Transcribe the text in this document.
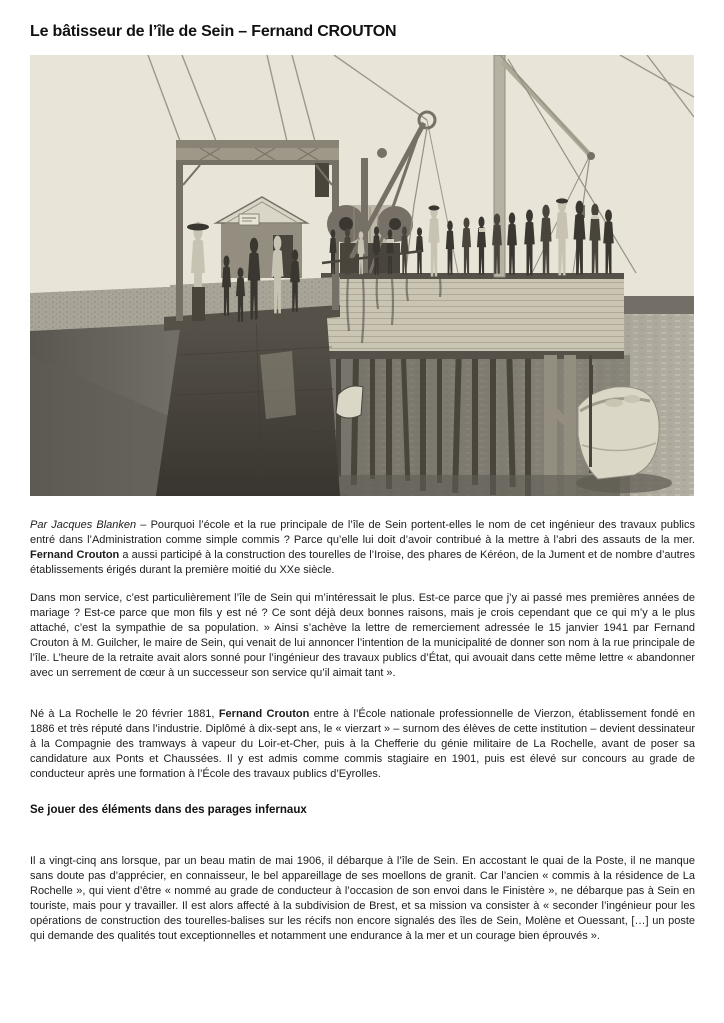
Le bâtisseur de l’île de Sein – Fernand CROUTON

Par Jacques Blanken – Pourquoi l’école et la rue principale de l’île de Sein portent-elles le nom de cet ingénieur des travaux publics entré dans l’Administration comme simple commis ? Parce qu’elle lui doit d’avoir contribué à la mettre à l’abri des assauts de la mer. Fernand Crouton a aussi participé à la construction des tourelles de l’Iroise, des phares de Kéréon, de la Jument et de nombre d’autres établissements érigés durant la première moitié du XXe siècle.

Dans mon service, c’est particulièrement l’île de Sein qui m’intéressait le plus. Est-ce parce que j’y ai passé mes premières années de mariage ? Est-ce parce que mon fils y est né ? Ce sont déjà deux bonnes raisons, mais je crois cependant que ce qui m’y a le plus attaché, c’est la sympathie de sa population. » Ainsi s’achève la lettre de remerciement adressée le 15 janvier 1941 par Fernand Crouton à M. Guilcher, le maire de Sein, qui venait de lui annoncer l’intention de la municipalité de donner son nom à la rue principale de l’île. L’heure de la retraite avait alors sonné pour l’ingénieur des travaux publics d’État, qui avouait dans cette même lettre « abandonner avec un serrement de cœur à un successeur son service qu’il aimait tant ».

Né à La Rochelle le 20 février 1881, Fernand Crouton entre à l’École nationale professionnelle de Vierzon, établissement fondé en 1886 et très réputé dans l’industrie. Diplômé à dix-sept ans, le « vierzart » – surnom des élèves de cette institution – devient dessinateur à la Compagnie des tramways à vapeur du Loir-et-Cher, puis à la Chefferie du génie militaire de La Rochelle, avant de poser sa candidature aux Ponts et Chaussées. Il y est admis comme commis stagiaire en 1901, puis est élevé sur concours au grade de conducteur après une formation à l’École des travaux publics d’Eyrolles.

Se jouer des éléments dans des parages infernaux

Il a vingt-cinq ans lorsque, par un beau matin de mai 1906, il débarque à l’île de Sein. En accostant le quai de la Poste, il ne manque sans doute pas d’apprécier, en connaisseur, le bel appareillage de ses moellons de granit. Car l’ancien « commis à la résidence de La Rochelle », qui vient d’être « nommé au grade de conducteur à l’occasion de son envoi dans le Finistère », ne débarque pas à Sein en touriste, mais pour y travailler. Il est alors affecté à la subdivision de Brest, et sa mission va consister à « seconder l’ingénieur pour les opérations de construction des tourelles-balises sur les récifs non encore signalés des îles de Sein, Molène et Ouessant, […] un poste qui demande des qualités tout exceptionnelles et notamment une endurance à la mer et un courage bien éprouvés ».
